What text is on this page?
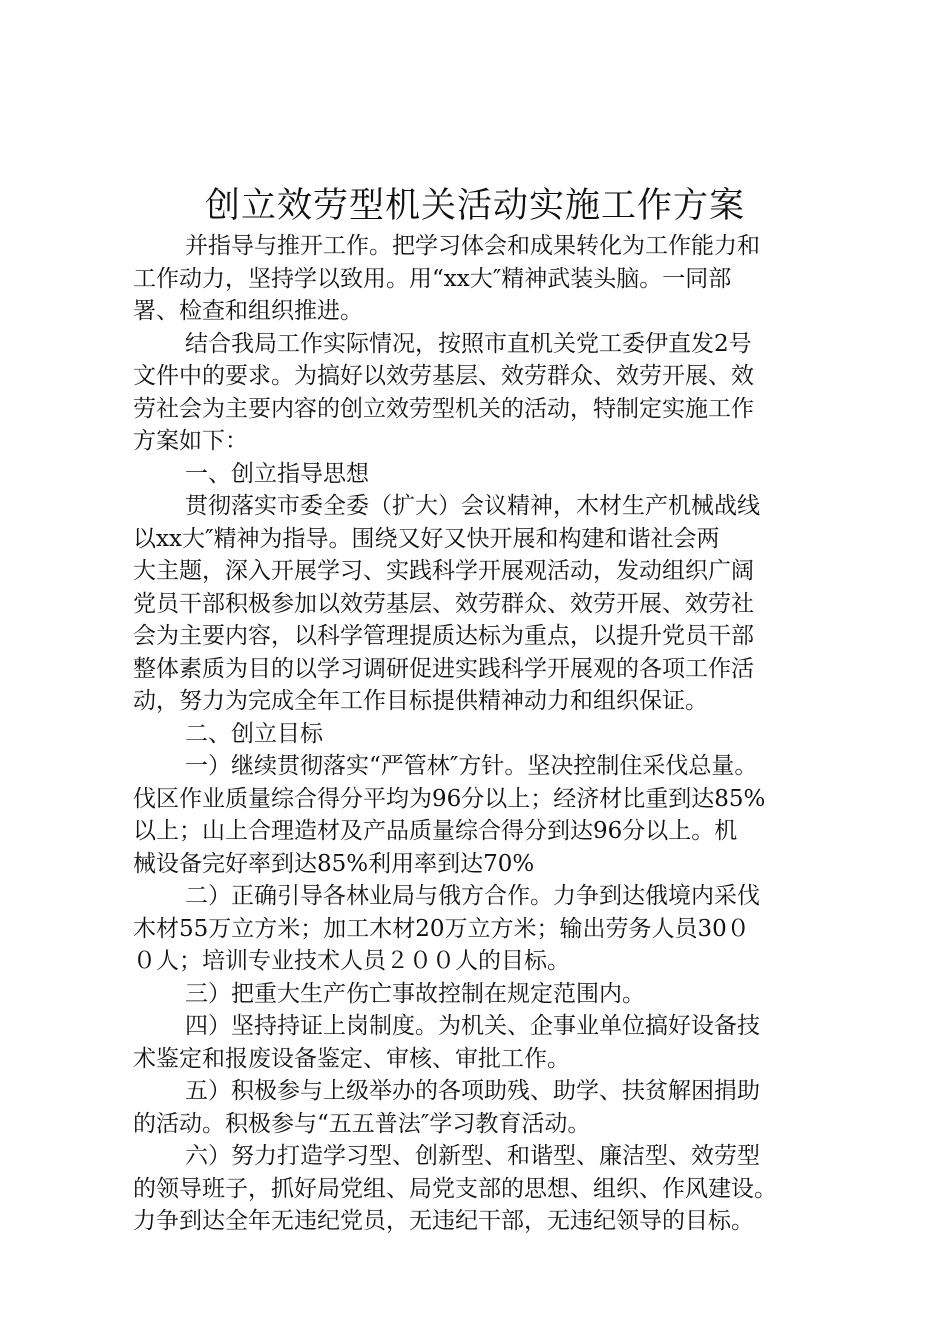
创立效劳型机关活动实施工作方案
并指导与推开工作。把学习体会和成果转化为工作能力和
工作动力，坚持学以致用。用“xx大″精神武装头脑。一同部
署、检查和组织推进。
结合我局工作实际情况，按照市直机关党工委伊直发2号
文件中的要求。为搞好以效劳基层、效劳群众、效劳开展、效
劳社会为主要内容的创立效劳型机关的活动，特制定实施工作
方案如下：
一、创立指导思想
贯彻落实市委全委（扩大）会议精神，木材生产机械战线
以xx大″精神为指导。围绕又好又快开展和构建和谐社会两
大主题，深入开展学习、实践科学开展观活动，发动组织广阔
党员干部积极参加以效劳基层、效劳群众、效劳开展、效劳社
会为主要内容，以科学管理提质达标为重点，以提升党员干部
整体素质为目的以学习调研促进实践科学开展观的各项工作活
动，努力为完成全年工作目标提供精神动力和组织保证。
二、创立目标
一）继续贯彻落实“严管林″方针。坚决控制住采伐总量。
伐区作业质量综合得分平均为96分以上；经济材比重到达85%
以上；山上合理造材及产品质量综合得分到达96分以上。机
械设备完好率到达85%利用率到达70%
二）正确引导各林业局与俄方合作。力争到达俄境内采伐
木材55万立方米；加工木材20万立方米；输出劳务人员30０
０人；培训专业技术人员２００人的目标。
三）把重大生产伤亡事故控制在规定范围内。
四）坚持持证上岗制度。为机关、企事业单位搞好设备技
术鉴定和报废设备鉴定、审核、审批工作。
五）积极参与上级举办的各项助残、助学、扶贫解困捐助
的活动。积极参与“五五普法″学习教育活动。
六）努力打造学习型、创新型、和谐型、廉洁型、效劳型
的领导班子，抓好局党组、局党支部的思想、组织、作风建设。
力争到达全年无违纪党员，无违纪干部，无违纪领导的目标。
